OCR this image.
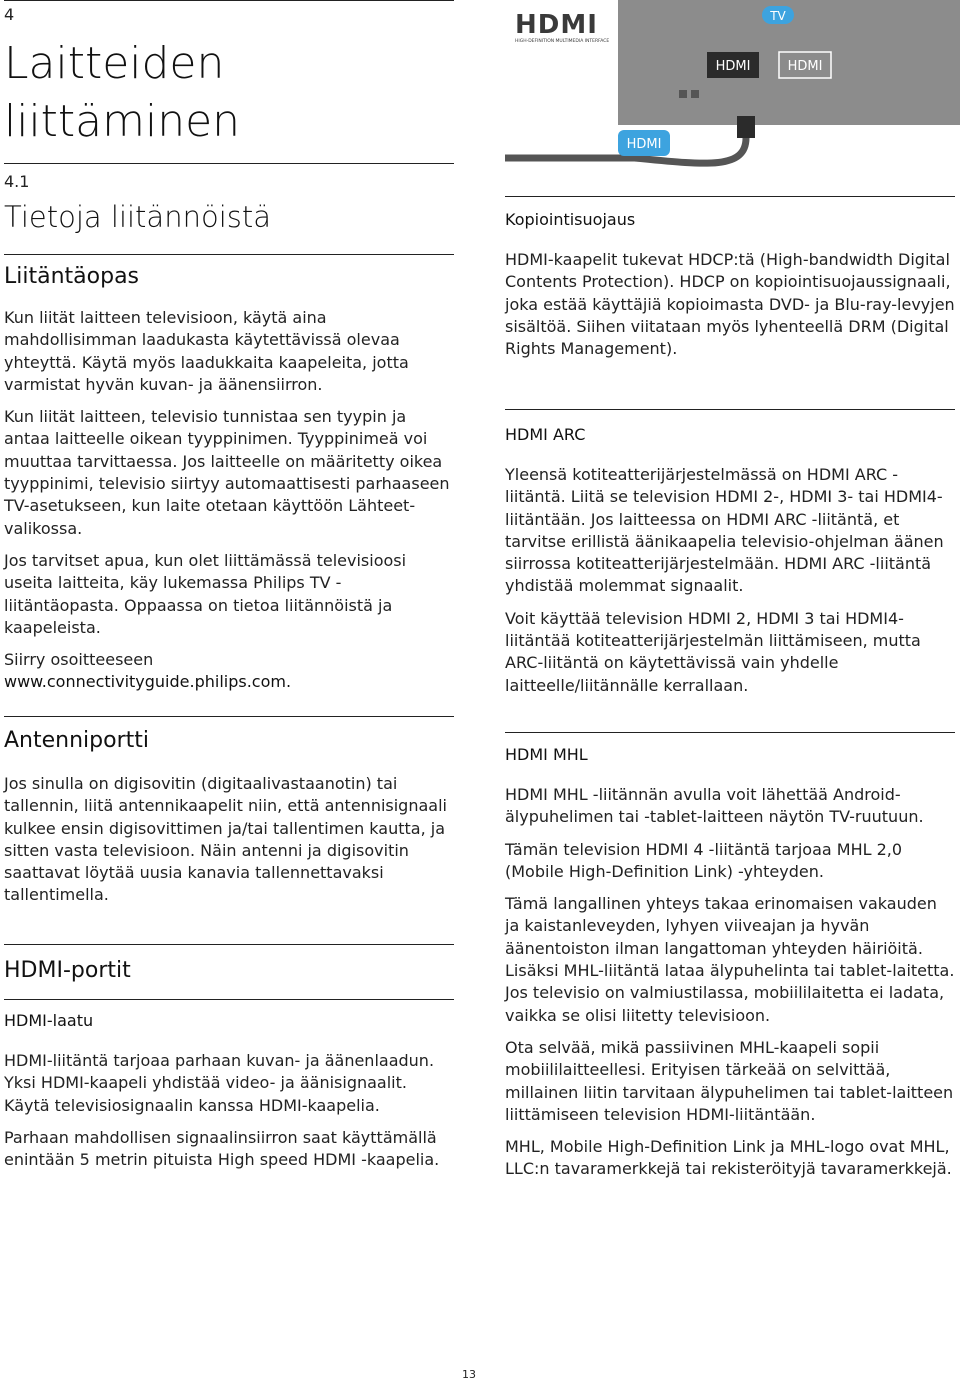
4
Laitteiden
liittäminen
4.1
Tietoja liitännöistä
Liitäntäopas

Kun liität laitteen televisioon, käytä aina mahdollisimman laadukasta käytettävissä olevaa yhteyttä. Käytä myös laadukkaita kaapeleita, jotta varmistat hyvän kuvan- ja äänensiirron.

Kun liität laitteen, televisio tunnistaa sen tyypin ja antaa laitteelle oikean tyyppinimen. Tyyppinimeä voi muuttaa tarvittaessa. Jos laitteelle on määritetty oikea tyyppinimi, televisio siirtyy automaattisesti parhaaseen TV-asetukseen, kun laite otetaan käyttöön Lähteet-valikossa.

Jos tarvitset apua, kun olet liittämässä televisioosi useita laitteita, käy lukemassa Philips TV -liitäntäopasta. Oppaassa on tietoa liitännöistä ja kaapeleista.

Siirry osoitteeseen

www.connectivityguide.philips.com.

Antenniportti

Jos sinulla on digisovitin (digitaalivastaanotin) tai tallennin, liitä antennikaapelit niin, että antennisignaali kulkee ensin digisovittimen ja/tai tallentimen kautta, ja sitten vasta televisioon. Näin antenni ja digisovitin saattavat löytää uusia kanavia tallennettavaksi tallentimella.

HDMI-portit
HDMI-laatu

HDMI-liitäntä tarjoaa parhaan kuvan- ja äänenlaadun. Yksi HDMI-kaapeli yhdistää video- ja äänisignaalit. Käytä televisiosignaalin kanssa HDMI-kaapelia.

Parhaan mahdollisen signaalinsiirron saat käyttämällä enintään 5 metrin pituista High speed HDMI -kaapelia.

HDMI
HIGH-DEFINITION MULTIMEDIA INTERFACE
TV
HDMI	HDMI
HDMI
Kopiointisuojaus

HDMI-kaapelit tukevat HDCP:tä (High-bandwidth Digital Contents Protection). HDCP on kopiointisuojaussignaali, joka estää käyttäjiä kopioimasta DVD- ja Blu-ray-levyjen sisältöä. Siihen viitataan myös lyhenteellä DRM (Digital Rights Management).

HDMI ARC

Yleensä kotiteatterijärjestelmässä on HDMI ARC -liitäntä. Liitä se television HDMI 2-, HDMI 3- tai HDMI4-liitäntään. Jos laitteessa on HDMI ARC -liitäntä, et tarvitse erillistä äänikaapelia televisio-ohjelman äänen siirrossa kotiteatterijärjestelmään. HDMI ARC -liitäntä yhdistää molemmat signaalit.

Voit käyttää television HDMI 2, HDMI 3 tai HDMI4-liitäntää kotiteatterijärjestelmän liittämiseen, mutta ARC-liitäntä on käytettävissä vain yhdelle laitteelle/liitännälle kerrallaan.

HDMI MHL

HDMI MHL -liitännän avulla voit lähettää Android-älypuhelimen tai -tablet-laitteen näytön TV-ruutuun.

Tämän television HDMI 4 -liitäntä tarjoaa MHL 2,0 (Mobile High-Definition Link) -yhteyden.

Tämä langallinen yhteys takaa erinomaisen vakauden ja kaistanleveyden, lyhyen viiveajan ja hyvän äänentoiston ilman langattoman yhteyden häiriöitä. Lisäksi MHL-liitäntä lataa älypuhelinta tai tablet-laitetta. Jos televisio on valmiustilassa, mobiililaitetta ei ladata, vaikka se olisi liitetty televisioon.

Ota selvää, mikä passiivinen MHL-kaapeli sopii mobiililaitteellesi. Erityisen tärkeää on selvittää, millainen liitin tarvitaan älypuhelimen tai tablet-laitteen liittämiseen television HDMI-liitäntään.

MHL, Mobile High-Definition Link ja MHL-logo ovat MHL, LLC:n tavaramerkkejä tai rekisteröityjä tavaramerkkejä.

13
